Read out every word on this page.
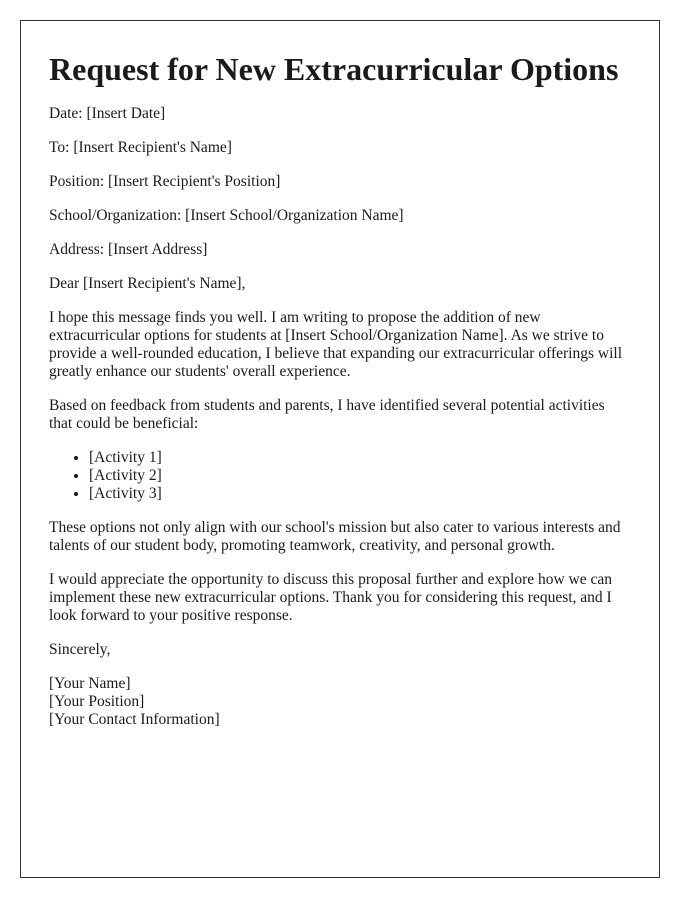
Request for New Extracurricular Options

Date: [Insert Date]

To: [Insert Recipient's Name]

Position: [Insert Recipient's Position]

School/Organization: [Insert School/Organization Name]

Address: [Insert Address]

Dear [Insert Recipient's Name],

I hope this message finds you well. I am writing to propose the addition of new extracurricular options for students at [Insert School/Organization Name]. As we strive to provide a well-rounded education, I believe that expanding our extracurricular offerings will greatly enhance our students' overall experience.

Based on feedback from students and parents, I have identified several potential activities that could be beneficial:

• [Activity 1]
• [Activity 2]
• [Activity 3]

These options not only align with our school's mission but also cater to various interests and talents of our student body, promoting teamwork, creativity, and personal growth.

I would appreciate the opportunity to discuss this proposal further and explore how we can implement these new extracurricular options. Thank you for considering this request, and I look forward to your positive response.

Sincerely,

[Your Name]
[Your Position]
[Your Contact Information]
